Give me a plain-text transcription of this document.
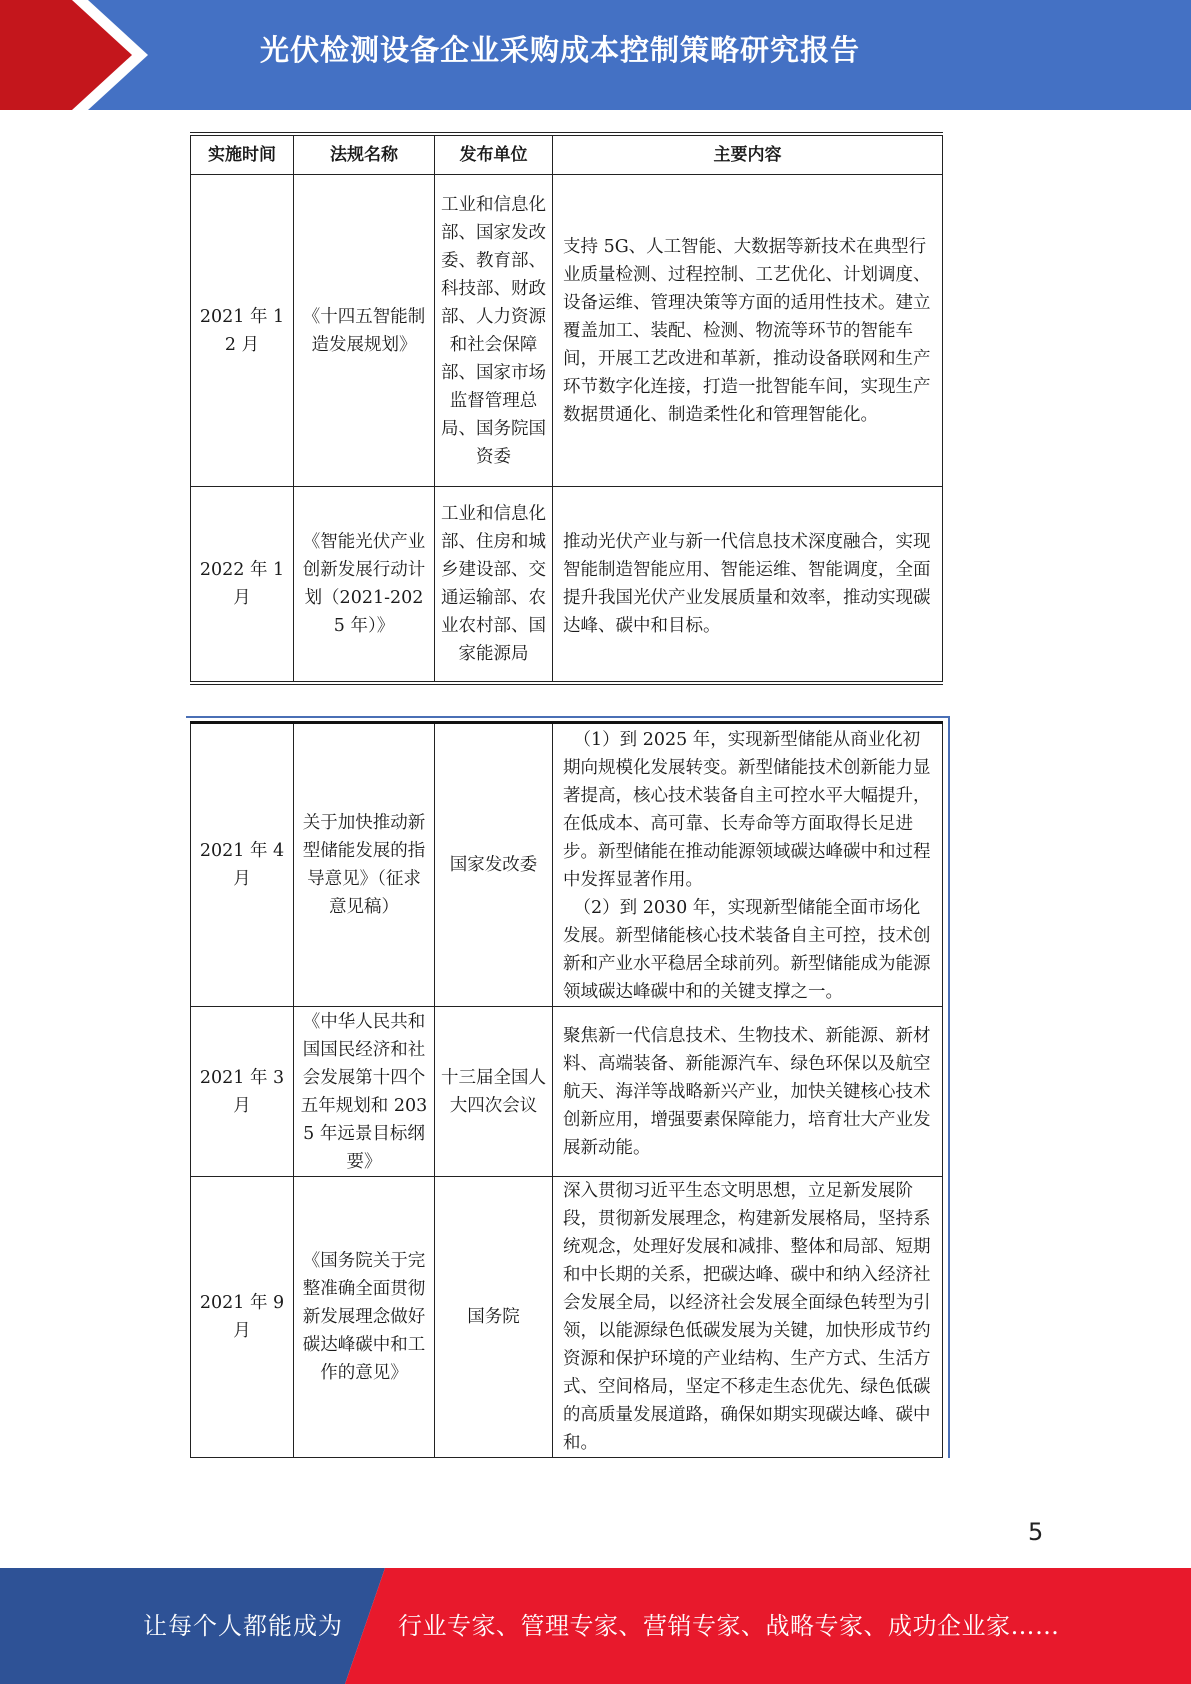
光伏检测设备企业采购成本控制策略研究报告
实施时间	法规名称	发布单位	主要内容
2021 年 12 月	《十四五智能制造发展规划》	工业和信息化部、国家发改委、教育部、科技部、财政部、人力资源和社会保障部、国家市场监督管理总局、国务院国资委	支持 5G、人工智能、大数据等新技术在典型行业质量检测、过程控制、工艺优化、计划调度、设备运维、管理决策等方面的适用性技术。建立覆盖加工、装配、检测、物流等环节的智能车间，开展工艺改进和革新，推动设备联网和生产环节数字化连接，打造一批智能车间，实现生产数据贯通化、制造柔性化和管理智能化。
2022 年 1 月	《智能光伏产业创新发展行动计划（2021-2025 年）》	工业和信息化部、住房和城乡建设部、交通运输部、农业农村部、国家能源局	推动光伏产业与新一代信息技术深度融合，实现智能制造智能应用、智能运维、智能调度，全面提升我国光伏产业发展质量和效率，推动实现碳达峰、碳中和目标。
2021 年 4 月	关于加快推动新型储能发展的指导意见》（征求意见稿）	国家发改委	（1）到 2025 年，实现新型储能从商业化初期向规模化发展转变。新型储能技术创新能力显著提高，核心技术装备自主可控水平大幅提升，在低成本、高可靠、长寿命等方面取得长足进步。新型储能在推动能源领域碳达峰碳中和过程中发挥显著作用。
（2）到 2030 年，实现新型储能全面市场化发展。新型储能核心技术装备自主可控，技术创新和产业水平稳居全球前列。新型储能成为能源领域碳达峰碳中和的关键支撑之一。

2021 年 3 月	《中华人民共和国国民经济和社会发展第十四个五年规划和 2035 年远景目标纲要》	十三届全国人大四次会议	聚焦新一代信息技术、生物技术、新能源、新材料、高端装备、新能源汽车、绿色环保以及航空航天、海洋等战略新兴产业，加快关键核心技术创新应用，增强要素保障能力，培育壮大产业发展新动能。
2021 年 9 月	《国务院关于完整准确全面贯彻新发展理念做好碳达峰碳中和工作的意见》	国务院	深入贯彻习近平生态文明思想，立足新发展阶段，贯彻新发展理念，构建新发展格局，坚持系统观念，处理好发展和减排、整体和局部、短期和中长期的关系，把碳达峰、碳中和纳入经济社会发展全局，以经济社会发展全面绿色转型为引领，以能源绿色低碳发展为关键，加快形成节约资源和保护环境的产业结构、生产方式、生活方式、空间格局，坚定不移走生态优先、绿色低碳的高质量发展道路，确保如期实现碳达峰、碳中和。
5
让每个人都能成为 行业专家、管理专家、营销专家、战略专家、成功企业家……
